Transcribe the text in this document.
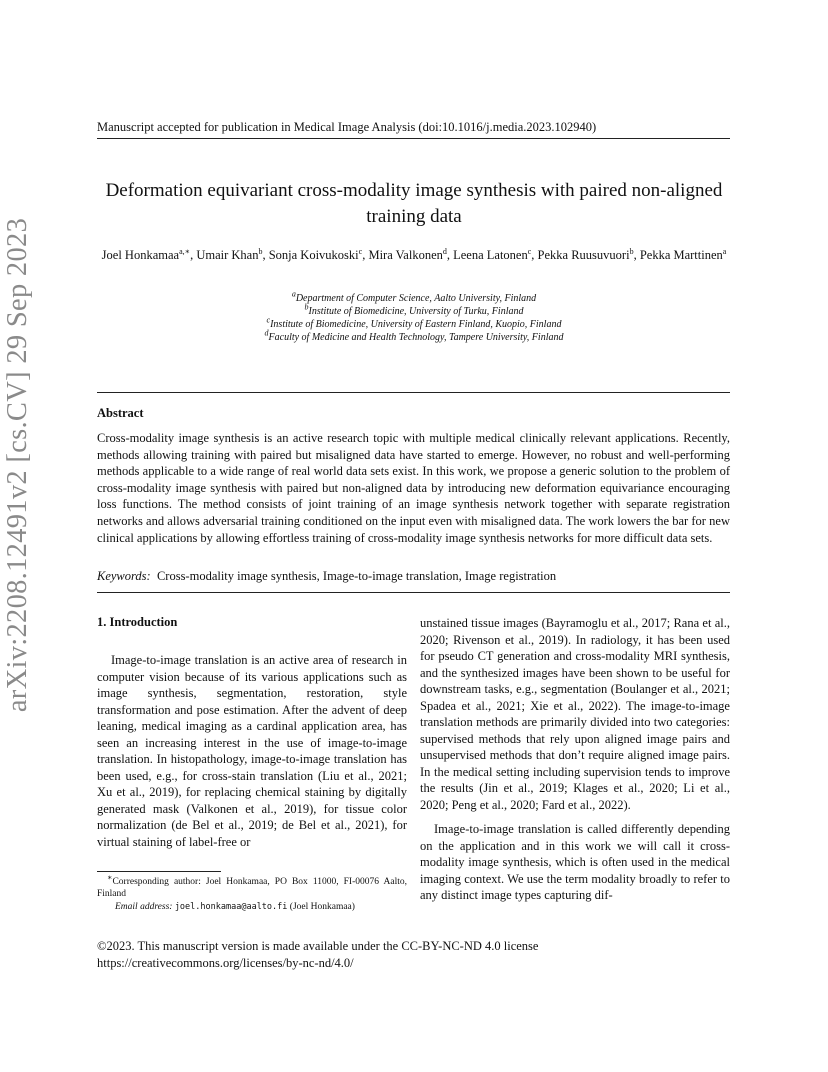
Manuscript accepted for publication in Medical Image Analysis (doi:10.1016/j.media.2023.102940)
Deformation equivariant cross-modality image synthesis with paired non-aligned training data
Joel Honkamaa$^{a,∗}$, Umair Khan$^b$, Sonja Koivukoski$^c$, Mira Valkonen$^d$, Leena Latonen$^c$, Pekka Ruusuvuori$^b$, Pekka Marttinen$^a$
$^a$Department of Computer Science, Aalto University, Finland
$^b$Institute of Biomedicine, University of Turku, Finland
$^c$Institute of Biomedicine, University of Eastern Finland, Kuopio, Finland
$^d$Faculty of Medicine and Health Technology, Tampere University, Finland
Abstract
Cross-modality image synthesis is an active research topic with multiple medical clinically relevant applications. Recently, methods allowing training with paired but misaligned data have started to emerge. However, no robust and well-performing methods applicable to a wide range of real world data sets exist. In this work, we propose a generic solution to the problem of cross-modality image synthesis with paired but non-aligned data by introducing new deformation equivariance encouraging loss functions. The method consists of joint training of an image synthesis network together with separate registration networks and allows adversarial training conditioned on the input even with misaligned data. The work lowers the bar for new clinical applications by allowing effortless training of cross-modality image synthesis networks for more difficult data sets.
Keywords: Cross-modality image synthesis, Image-to-image translation, Image registration
1. Introduction

Image-to-image translation is an active area of research in computer vision because of its various applications such as image synthesis, segmentation, restoration, style transformation and pose estimation. After the advent of deep leaning, medical imaging as a cardinal application area, has seen an increasing interest in the use of image-to-image translation. In histopathology, image-to-image translation has been used, e.g., for cross-stain translation (Liu et al., 2021; Xu et al., 2019), for replacing chemical staining by digitally generated mask (Valkonen et al., 2019), for tissue color normalization (de Bel et al., 2019; de Bel et al., 2021), for virtual staining of label-free or

unstained tissue images (Bayramoglu et al., 2017; Rana et al., 2020; Rivenson et al., 2019). In radiology, it has been used for pseudo CT generation and cross-modality MRI synthesis, and the synthesized images have been shown to be useful for downstream tasks, e.g., segmentation (Boulanger et al., 2021; Spadea et al., 2021; Xie et al., 2022). The image-to-image translation methods are primarily divided into two categories: supervised methods that rely upon aligned image pairs and unsupervised methods that don’t require aligned image pairs. In the medical setting including supervision tends to improve the results (Jin et al., 2019; Klages et al., 2020; Li et al., 2020; Peng et al., 2020; Fard et al., 2022).

Image-to-image translation is called differently depending on the application and in this work we will call it cross-modality image synthesis, which is often used in the medical imaging context. We use the term modality broadly to refer to any distinct image types capturing dif-

∗Corresponding author: Joel Honkamaa, PO Box 11000, FI-00076 Aalto, Finland
Email address: joel.honkamaa@aalto.fi (Joel Honkamaa)
©2023. This manuscript version is made available under the CC-BY-NC-ND 4.0 license
https://creativecommons.org/licenses/by-nc-nd/4.0/
arXiv:2208.12491v2 [cs.CV] 29 Sep 2023
